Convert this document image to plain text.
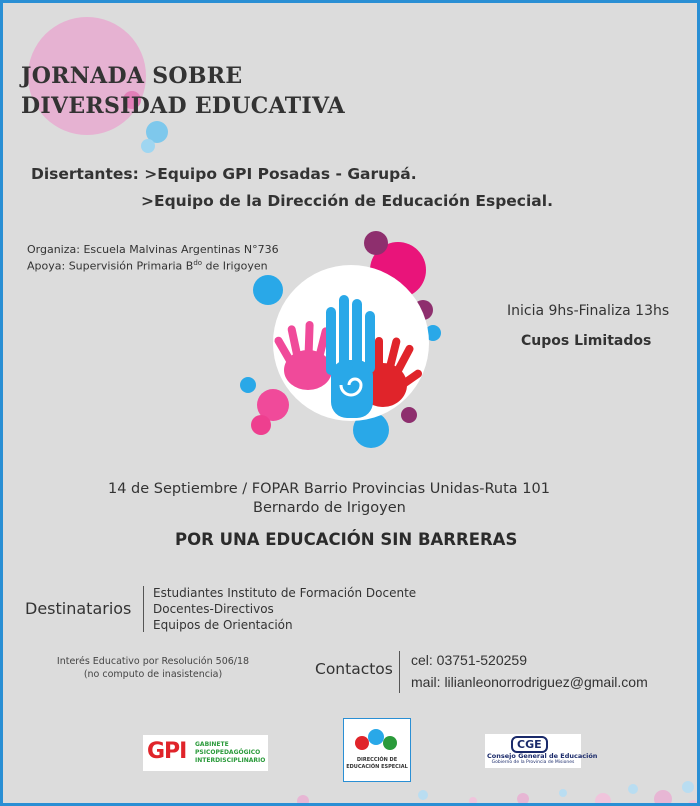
JORNADA SOBRE
DIVERSIDAD EDUCATIVA
Disertantes: >Equipo GPI Posadas - Garupá.
>Equipo de la Dirección de Educación Especial.
Organiza: Escuela Malvinas Argentinas N°736
Apoya: Supervisión Primaria $B^{do}$ de Irigoyen
Inicia 9hs-Finaliza 13hs
Cupos Limitados
14 de Septiembre / FOPAR Barrio Provincias Unidas-Ruta 101
Bernardo de Irigoyen
POR UNA EDUCACIÓN SIN BARRERAS
Destinatarios
Estudiantes Instituto de Formación Docente
Docentes-Directivos
Equipos de Orientación
Interés Educativo por Resolución 506/18
(no computo de inasistencia)	Contactos cel: 03751-520259
mail: lilianleonorrodriguez@gmail.com
GPI GABINETE
PSICOPEDAGÓGICO
INTERDISCIPLINARIO	DIRECCIÓN DE
EDUCACIÓN ESPECIAL
CGE
Consejo General de Educación
Gobierno de la Provincia de Misiones
